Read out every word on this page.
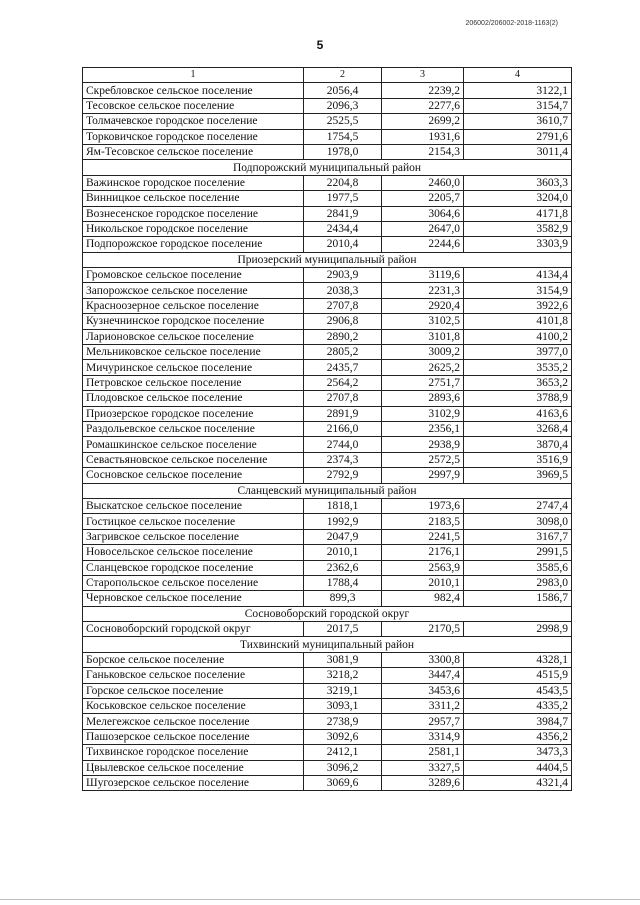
206002/206002-2018-1163(2)
5
1	2	3	4
Скребловское сельское поселение	2056,4	2239,2	3122,1
Тесовское сельское поселение	2096,3	2277,6	3154,7
Толмачевское городское поселение	2525,5	2699,2	3610,7
Торковичское городское поселение	1754,5	1931,6	2791,6
Ям-Тесовское сельское поселение	1978,0	2154,3	3011,4
Подпорожский муниципальный район			
Важинское городское поселение	2204,8	2460,0	3603,3
Винницкое сельское поселение	1977,5	2205,7	3204,0
Вознесенское городское поселение	2841,9	3064,6	4171,8
Никольское городское поселение	2434,4	2647,0	3582,9
Подпорожское городское поселение	2010,4	2244,6	3303,9
Приозерский муниципальный район			
Громовское сельское поселение	2903,9	3119,6	4134,4
Запорожское сельское поселение	2038,3	2231,3	3154,9
Красноозерное сельское поселение	2707,8	2920,4	3922,6
Кузнечнинское городское поселение	2906,8	3102,5	4101,8
Ларионовское сельское поселение	2890,2	3101,8	4100,2
Мельниковское сельское поселение	2805,2	3009,2	3977,0
Мичуринское сельское поселение	2435,7	2625,2	3535,2
Петровское сельское поселение	2564,2	2751,7	3653,2
Плодовское сельское поселение	2707,8	2893,6	3788,9
Приозерское городское поселение	2891,9	3102,9	4163,6
Раздольевское сельское поселение	2166,0	2356,1	3268,4
Ромашкинское сельское поселение	2744,0	2938,9	3870,4
Севастьяновское сельское поселение	2374,3	2572,5	3516,9
Сосновское сельское поселение	2792,9	2997,9	3969,5
Сланцевский муниципальный район			
Выскатское сельское поселение	1818,1	1973,6	2747,4
Гостицкое сельское поселение	1992,9	2183,5	3098,0
Загривское сельское поселение	2047,9	2241,5	3167,7
Новосельское сельское поселение	2010,1	2176,1	2991,5
Сланцевское городское поселение	2362,6	2563,9	3585,6
Старопольское сельское поселение	1788,4	2010,1	2983,0
Черновское сельское поселение	899,3	982,4	1586,7
Сосновоборский городской округ			
Сосновоборский городской округ	2017,5	2170,5	2998,9
Тихвинский муниципальный район			
Борское сельское поселение	3081,9	3300,8	4328,1
Ганьковское сельское поселение	3218,2	3447,4	4515,9
Горское сельское поселение	3219,1	3453,6	4543,5
Коськовское сельское поселение	3093,1	3311,2	4335,2
Мелегежское сельское поселение	2738,9	2957,7	3984,7
Пашозерское сельское поселение	3092,6	3314,9	4356,2
Тихвинское городское поселение	2412,1	2581,1	3473,3
Цвылевское сельское поселение	3096,2	3327,5	4404,5
Шугозерское сельское поселение	3069,6	3289,6	4321,4
